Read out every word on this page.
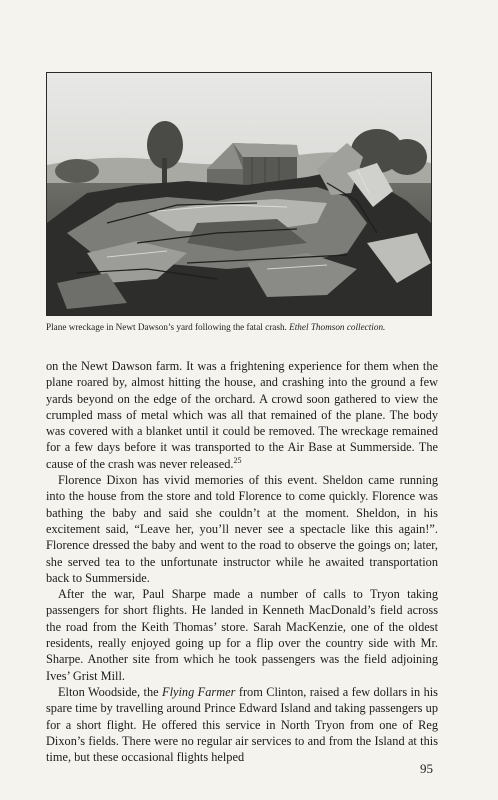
Plane wreckage in Newt Dawson’s yard following the fatal crash. Ethel Thomson collection.

on the Newt Dawson farm. It was a frightening experience for them when the plane roared by, almost hitting the house, and crashing into the ground a few yards beyond on the edge of the orchard. A crowd soon gathered to view the crumpled mass of metal which was all that remained of the plane. The body was covered with a blanket until it could be removed. The wreckage remained for a few days before it was transported to the Air Base at Summerside. The cause of the crash was never released.$^{25}$

Florence Dixon has vivid memories of this event. Sheldon came running into the house from the store and told Florence to come quickly. Florence was bathing the baby and said she couldn’t at the moment. Sheldon, in his excitement said, “Leave her, you’ll never see a spectacle like this again!”. Florence dressed the baby and went to the road to observe the goings on; later, she served tea to the unfortunate instructor while he awaited transportation back to Summerside.

After the war, Paul Sharpe made a number of calls to Tryon taking passengers for short flights. He landed in Kenneth MacDonald’s field across the road from the Keith Thomas’ store. Sarah MacKenzie, one of the oldest residents, really enjoyed going up for a flip over the country side with Mr. Sharpe. Another site from which he took passengers was the field adjoining Ives’ Grist Mill.

Elton Woodside, the Flying Farmer from Clinton, raised a few dollars in his spare time by travelling around Prince Edward Island and taking passengers up for a short flight. He offered this service in North Tryon from one of Reg Dixon’s fields. There were no regular air services to and from the Island at this time, but these occasional flights helped

95
